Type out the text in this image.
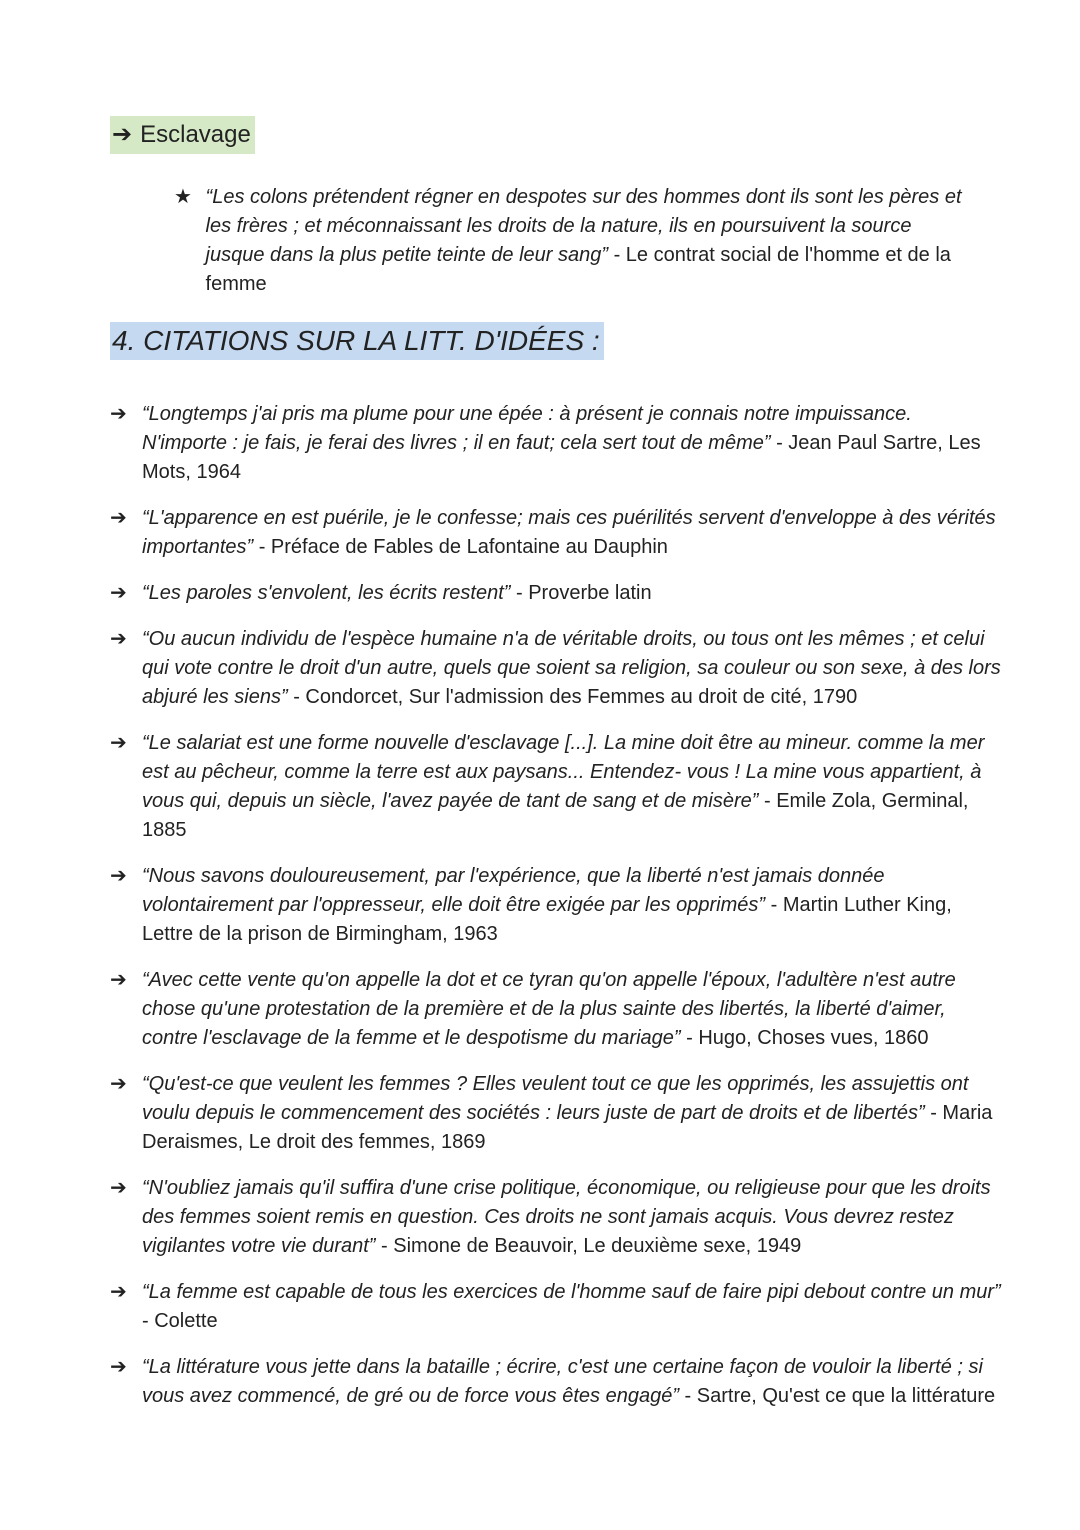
➔ Esclavage
★ “Les colons prétendent régner en despotes sur des hommes dont ils sont les pères et les frères ; et méconnaissant les droits de la nature, ils en poursuivent la source jusque dans la plus petite teinte de leur sang” - Le contrat social de l'homme et de la femme
4. CITATIONS SUR LA LITT. D'IDÉES :
➔ “Longtemps j'ai pris ma plume pour une épée : à présent je connais notre impuissance. N'importe : je fais, je ferai des livres ; il en faut; cela sert tout de même” - Jean Paul Sartre, Les Mots, 1964
➔ “L'apparence en est puérile, je le confesse; mais ces puérilités servent d'enveloppe à des vérités importantes” - Préface de Fables de Lafontaine au Dauphin
➔ “Les paroles s'envolent, les écrits restent” - Proverbe latin
➔ “Ou aucun individu de l'espèce humaine n'a de véritable droits, ou tous ont les mêmes ; et celui qui vote contre le droit d'un autre, quels que soient sa religion, sa couleur ou son sexe, à des lors abjuré les siens” - Condorcet, Sur l'admission des Femmes au droit de cité, 1790
➔ “Le salariat est une forme nouvelle d'esclavage [...]. La mine doit être au mineur. comme la mer est au pêcheur, comme la terre est aux paysans... Entendez- vous ! La mine vous appartient, à vous qui, depuis un siècle, l'avez payée de tant de sang et de misère” - Emile Zola, Germinal, 1885
➔ “Nous savons douloureusement, par l'expérience, que la liberté n'est jamais donnée volontairement par l'oppresseur, elle doit être exigée par les opprimés” - Martin Luther King, Lettre de la prison de Birmingham, 1963
➔ “Avec cette vente qu'on appelle la dot et ce tyran qu'on appelle l'époux, l'adultère n'est autre chose qu'une protestation de la première et de la plus sainte des libertés, la liberté d'aimer, contre l'esclavage de la femme et le despotisme du mariage” - Hugo, Choses vues, 1860
➔ “Qu'est-ce que veulent les femmes ? Elles veulent tout ce que les opprimés, les assujettis ont voulu depuis le commencement des sociétés : leurs juste de part de droits et de libertés” - Maria Deraismes, Le droit des femmes, 1869
➔ “N'oubliez jamais qu'il suffira d'une crise politique, économique, ou religieuse pour que les droits des femmes soient remis en question. Ces droits ne sont jamais acquis. Vous devrez restez vigilantes votre vie durant” - Simone de Beauvoir, Le deuxième sexe, 1949
➔ “La femme est capable de tous les exercices de l'homme sauf de faire pipi debout contre un mur” - Colette
➔ “La littérature vous jette dans la bataille ; écrire, c'est une certaine façon de vouloir la liberté ; si vous avez commencé, de gré ou de force vous êtes engagé” - Sartre, Qu'est ce que la littérature
